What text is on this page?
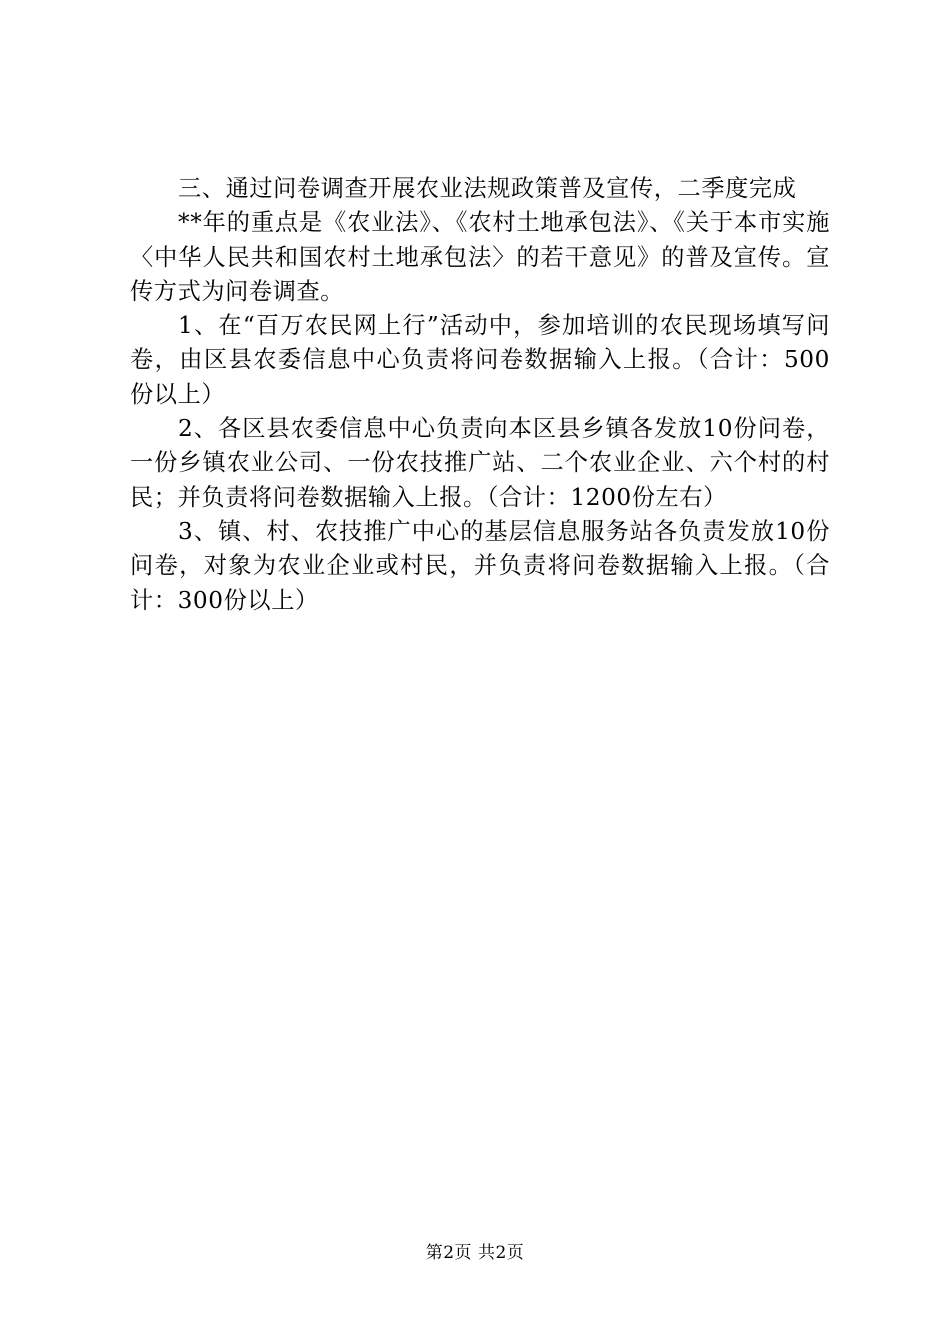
三、通过问卷调查开展农业法规政策普及宣传，二季度完成

**年的重点是《农业法》、《农村土地承包法》、《关于本市实施〈中华人民共和国农村土地承包法〉的若干意见》的普及宣传。宣传方式为问卷调查。

1、在“百万农民网上行”活动中，参加培训的农民现场填写问卷，由区县农委信息中心负责将问卷数据输入上报。（合计：500份以上）

2、各区县农委信息中心负责向本区县乡镇各发放10份问卷，一份乡镇农业公司、一份农技推广站、二个农业企业、六个村的村民；并负责将问卷数据输入上报。（合计：1200份左右）

3、镇、村、农技推广中心的基层信息服务站各负责发放10份问卷，对象为农业企业或村民，并负责将问卷数据输入上报。（合计：300份以上）

第2页 共2页
